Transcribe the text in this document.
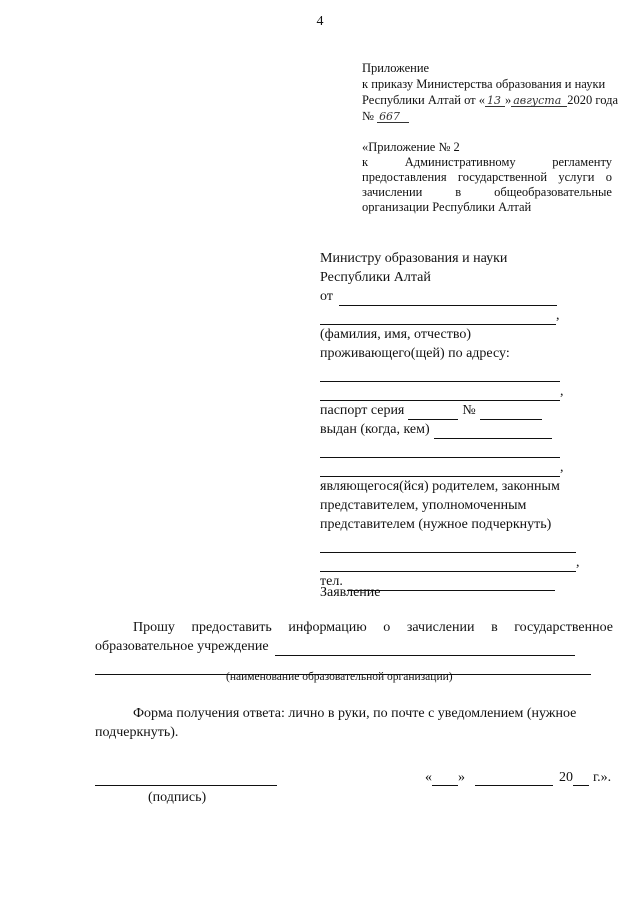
4
Приложение
к приказу Министерства образования и науки
Республики Алтай от « 13 » августа 2020 года
№ 667
«Приложение № 2
к	Административному	регламенту
предоставления государственной услуги о
зачислении	в	общеобразовательные
организации Республики Алтай
Министру образования и науки
Республики Алтай
от
,
(фамилия, имя, отчество)
проживающего(щей) по адресу:
,
паспорт серия	№
выдан (когда, кем)
,
являющегося(йся) родителем, законным
представителем, уполномоченным
представителем (нужное подчеркнуть)
,
тел.
Заявление
Прошу предоставить информацию о зачислении в государственное
образовательное учреждение
(наименование образовательной организации)
Форма получения ответа: лично в руки, по почте с уведомлением (нужное
подчеркнуть).
(подпись)
« »	20 г.».
